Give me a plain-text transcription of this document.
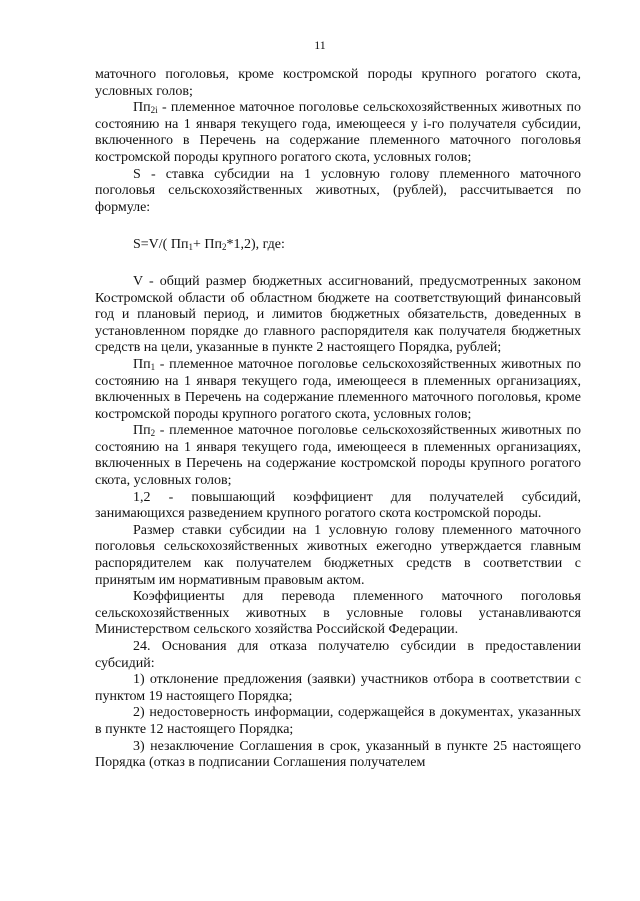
11

маточного поголовья, кроме костромской породы крупного рогатого скота, условных голов;

$Пп_{2i}$ - племенное маточное поголовье сельскохозяйственных животных по состоянию на 1 января текущего года, имеющееся у i-го получателя субсидии, включенного в Перечень на содержание племенного маточного поголовья костромской породы крупного рогатого скота, условных голов;

S - ставка субсидии на 1 условную голову племенного маточного поголовья сельскохозяйственных животных, (рублей), рассчитывается по формуле:

S=V/( $Пп_1+ Пп_2*1,2$), где:

V - общий размер бюджетных ассигнований, предусмотренных законом Костромской области об областном бюджете на соответствующий финансовый год и плановый период, и лимитов бюджетных обязательств, доведенных в установленном порядке до главного распорядителя как получателя бюджетных средств на цели, указанные в пункте 2 настоящего Порядка, рублей;

$Пп_1$ - племенное маточное поголовье сельскохозяйственных животных по состоянию на 1 января текущего года, имеющееся в племенных организациях, включенных в Перечень на содержание племенного маточного поголовья, кроме костромской породы крупного рогатого скота, условных голов;

$Пп_2$ - племенное маточное поголовье сельскохозяйственных животных по состоянию на 1 января текущего года, имеющееся в племенных организациях, включенных в Перечень на содержание костромской породы крупного рогатого скота, условных голов;

1,2 - повышающий коэффициент для получателей субсидий, занимающихся разведением крупного рогатого скота костромской породы.

Размер ставки субсидии на 1 условную голову племенного маточного поголовья сельскохозяйственных животных ежегодно утверждается главным распорядителем как получателем бюджетных средств в соответствии с принятым им нормативным правовым актом.

Коэффициенты для перевода племенного маточного поголовья сельскохозяйственных животных в условные головы устанавливаются Министерством сельского хозяйства Российской Федерации.

24. Основания для отказа получателю субсидии в предоставлении субсидий:

1) отклонение предложения (заявки) участников отбора в соответствии с пунктом 19 настоящего Порядка;

2) недостоверность информации, содержащейся в документах, указанных в пункте 12 настоящего Порядка;

3) незаключение Соглашения в срок, указанный в пункте 25 настоящего Порядка (отказ в подписании Соглашения получателем
